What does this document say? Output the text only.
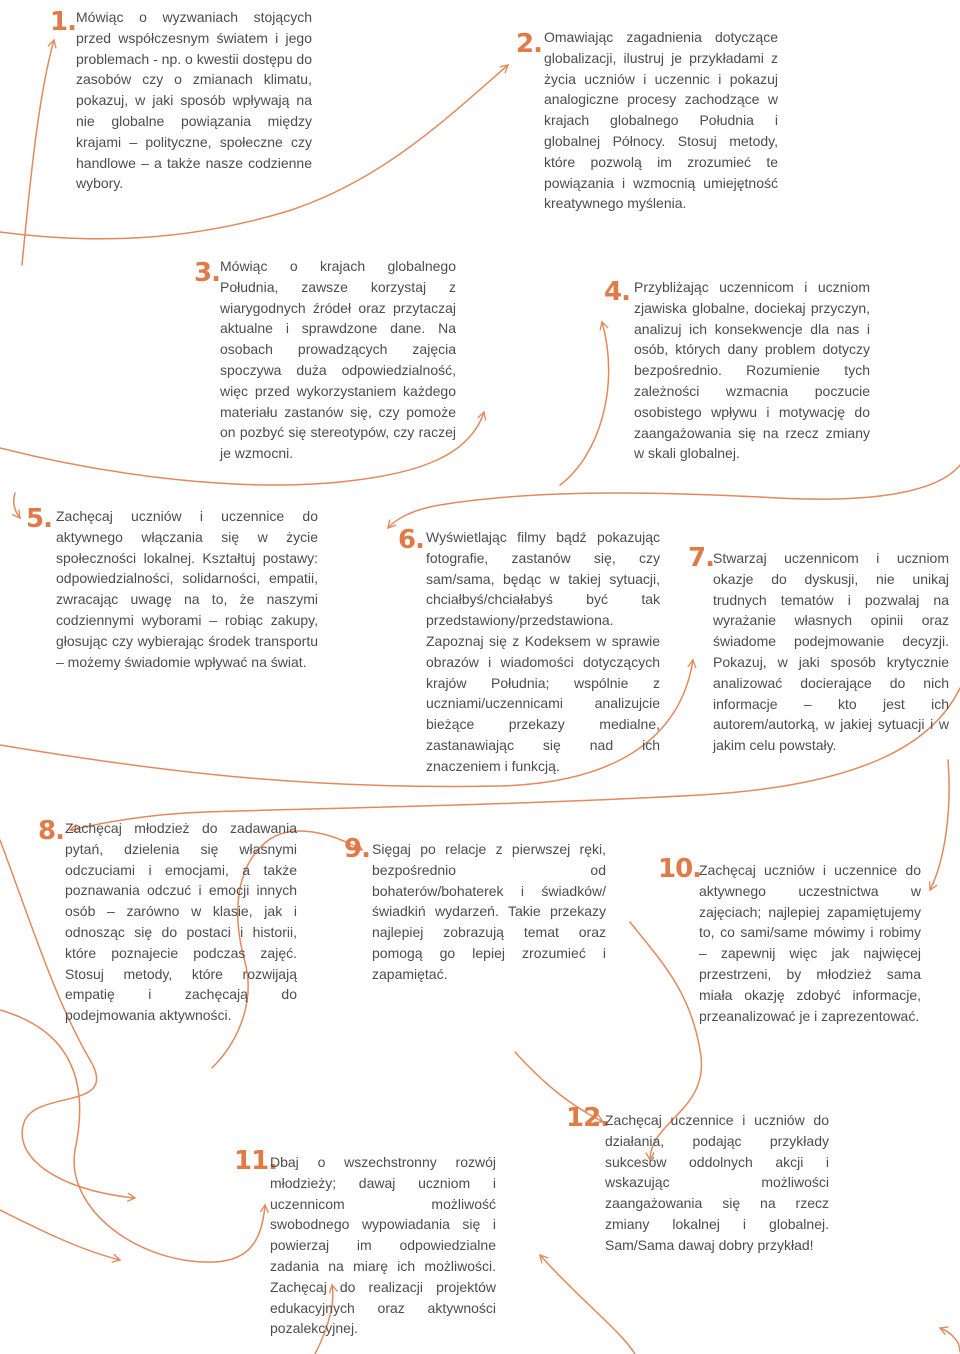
1. Mówiąc o wyzwaniach stojących przed współczesnym światem i jego problemach - np. o kwestii dostępu do zasobów czy o zmianach klimatu, pokazuj, w jaki sposób wpływają na nie globalne powiązania między krajami – polityczne, społeczne czy handlowe – a także nasze codzienne wybory.
2. Omawiając zagadnienia dotyczące globalizacji, ilustruj je przykładami z życia uczniów i uczennic i pokazuj analogiczne procesy zachodzące w krajach globalnego Południa i globalnej Północy. Stosuj metody, które pozwolą im zrozumieć te powiązania i wzmocnią umiejętność kreatywnego myślenia.
3. Mówiąc o krajach globalnego Południa, zawsze korzystaj z wiarygodnych źródeł oraz przytaczaj aktualne i sprawdzone dane. Na osobach prowadzących zajęcia spoczywa duża odpowiedzialność, więc przed wykorzystaniem każdego materiału zastanów się, czy pomoże on pozbyć się stereotypów, czy raczej je wzmocni.
4. Przybliżając uczennicom i uczniom zjawiska globalne, dociekaj przyczyn, analizuj ich konsekwencje dla nas i osób, których dany problem dotyczy bezpośrednio. Rozumienie tych zależności wzmacnia poczucie osobistego wpływu i motywację do zaangażowania się na rzecz zmiany w skali globalnej.
5. Zachęcaj uczniów i uczennice do aktywnego włączania się w życie społeczności lokalnej. Kształtuj postawy: odpowiedzialności, solidarności, empatii, zwracając uwagę na to, że naszymi codziennymi wyborami – robiąc zakupy, głosując czy wybierając środek transportu – możemy świadomie wpływać na świat.
6. Wyświetlając filmy bądź pokazując fotografie, zastanów się, czy sam/sama, będąc w takiej sytuacji, chciałbyś/chciałabyś być tak przedstawiony/przedstawiona. Zapoznaj się z Kodeksem w sprawie obrazów i wiadomości dotyczących krajów Południa; wspólnie z uczniami/uczennicami analizujcie bieżące przekazy medialne, zastanawiając się nad ich znaczeniem i funkcją.
7. Stwarzaj uczennicom i uczniom okazje do dyskusji, nie unikaj trudnych tematów i pozwalaj na wyrażanie własnych opinii oraz świadome podejmowanie decyzji. Pokazuj, w jaki sposób krytycznie analizować docierające do nich informacje – kto jest ich autorem/autorką, w jakiej sytuacji i w jakim celu powstały.
8. Zachęcaj młodzież do zadawania pytań, dzielenia się własnymi odczuciami i emocjami, a także poznawania odczuć i emocji innych osób – zarówno w klasie, jak i odnosząc się do postaci i historii, które poznajecie podczas zajęć. Stosuj metody, które rozwijają empatię i zachęcają do podejmowania aktywności.
9. Sięgaj po relacje z pierwszej ręki, bezpośrednio od bohaterów/bohaterek i świadków/świadkiń wydarzeń. Takie przekazy najlepiej zobrazują temat oraz pomogą go lepiej zrozumieć i zapamiętać.
10.
Zachęcaj uczniów i uczennice do aktywnego uczestnictwa w zajęciach; najlepiej zapamiętujemy to, co sami/same mówimy i robimy – zapewnij więc jak najwięcej przestrzeni, by młodzież sama miała okazję zdobyć informacje, przeanalizować je i zaprezentować.
11.
Dbaj o wszechstronny rozwój młodzieży; dawaj uczniom i uczennicom możliwość swobodnego wypowiadania się i powierzaj im odpowiedzialne zadania na miarę ich możliwości. Zachęcaj do realizacji projektów edukacyjnych oraz aktywności pozalekcyjnej.
12.
Zachęcaj uczennice i uczniów do działania, podając przykłady sukcesów oddolnych akcji i wskazując możliwości zaangażowania się na rzecz zmiany lokalnej i globalnej. Sam/Sama dawaj dobry przykład!
